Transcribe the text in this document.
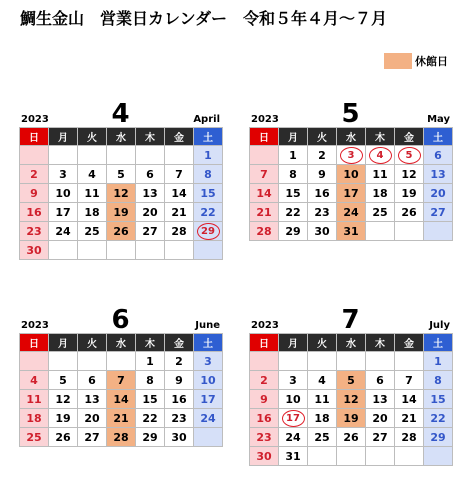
鯛生金山　営業日カレンダー　令和５年４月～７月
休館日
2023	4	April
日	月	火	水	木	金	土
						1
2	3	4	5	6	7	8
9	10	11	12	13	14	15
16	17	18	19	20	21	22
23	24	25	26	27	28	29
30						
2023	5	May
日	月	火	水	木	金	土
	1	2	3	4	5	6
7	8	9	10	11	12	13
14	15	16	17	18	19	20
21	22	23	24	25	26	27
28	29	30	31			
2023	6	June
日	月	火	水	木	金	土
				1	2	3
4	5	6	7	8	9	10
11	12	13	14	15	16	17
18	19	20	21	22	23	24
25	26	27	28	29	30	
2023	7	July
日	月	火	水	木	金	土
						1
2	3	4	5	6	7	8
9	10	11	12	13	14	15
16	17	18	19	20	21	22
23	24	25	26	27	28	29
30	31					
